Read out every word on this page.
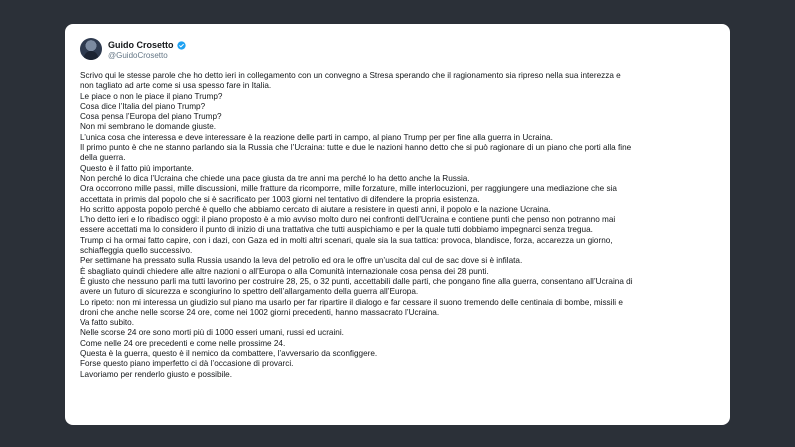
Guido Crosetto
@GuidoCrosetto
Scrivo qui le stesse parole che ho detto ieri in collegamento con un convegno a Stresa sperando che il ragionamento sia ripreso nella sua interezza e
non tagliato ad arte come si usa spesso fare in Italia.
Le piace o non le piace il piano Trump?
Cosa dice l’Italia del piano Trump?
Cosa pensa l’Europa del piano Trump?
Non mi sembrano le domande giuste.
L’unica cosa che interessa e deve interessare è la reazione delle parti in campo, al piano Trump per per fine alla guerra in Ucraina.
Il primo punto è che ne stanno parlando sia la Russia che l’Ucraina: tutte e due le nazioni hanno detto che si può ragionare di un piano che porti alla fine
della guerra.
Questo è il fatto più importante.
Non perché lo dica l’Ucraina che chiede una pace giusta da tre anni ma perché lo ha detto anche la Russia.
Ora occorrono mille passi, mille discussioni, mille fratture da ricomporre, mille forzature, mille interlocuzioni, per raggiungere una mediazione che sia
accettata in primis dal popolo che si è sacrificato per 1003 giorni nel tentativo di difendere la propria esistenza.
Ho scritto apposta popolo perché è quello che abbiamo cercato di aiutare a resistere in questi anni, il popolo e la nazione Ucraina.
L’ho detto ieri e lo ribadisco oggi: il piano proposto è a mio avviso molto duro nei confronti dell’Ucraina e contiene punti che penso non potranno mai
essere accettati ma lo considero il punto di inizio di una trattativa che tutti auspichiamo e per la quale tutti dobbiamo impegnarci senza tregua.
Trump ci ha ormai fatto capire, con i dazi, con Gaza ed in molti altri scenari, quale sia la sua tattica: provoca, blandisce, forza, accarezza un giorno,
schiaffeggia quello successivo.
Per settimane ha pressato sulla Russia usando la leva del petrolio ed ora le offre un’uscita dal cul de sac dove si è infilata.
È sbagliato quindi chiedere alle altre nazioni o all’Europa o alla Comunità internazionale cosa pensa dei 28 punti.
È giusto che nessuno parli ma tutti lavorino per costruire 28, 25, o 32 punti, accettabili dalle parti, che pongano fine alla guerra, consentano all’Ucraina di
avere un futuro di sicurezza e scongiurino lo spettro dell’allargamento della guerra all’Europa.
Lo ripeto: non mi interessa un giudizio sul piano ma usarlo per far ripartire il dialogo e far cessare il suono tremendo delle centinaia di bombe, missili e
droni che anche nelle scorse 24 ore, come nei 1002 giorni precedenti, hanno massacrato l’Ucraina.
Va fatto subito.
Nelle scorse 24 ore sono morti più di 1000 esseri umani, russi ed ucraini.
Come nelle 24 ore precedenti e come nelle prossime 24.
Questa è la guerra, questo è il nemico da combattere, l’avversario da sconfiggere.
Forse questo piano imperfetto ci dà l’occasione di provarci.
Lavoriamo per renderlo giusto e possibile.
